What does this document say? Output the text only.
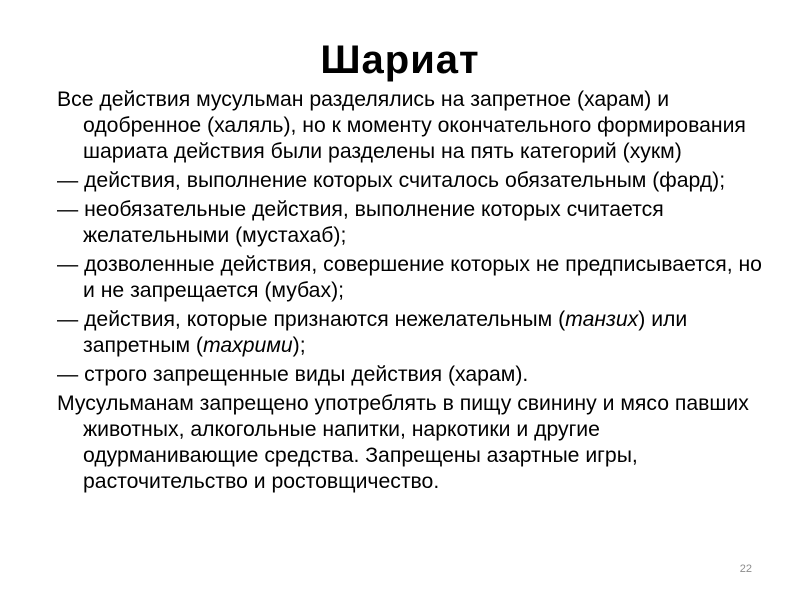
Шариат
Все действия мусульман разделялись на запретное (харам) и одобренное (халяль), но к моменту окончательного формирования шариата действия были разделены на пять категорий (хукм)
— действия, выполнение которых считалось обязательным (фард);
— необязательные действия, выполнение которых считается желательными (мустахаб);
— дозволенные действия, совершение которых не предписывается, но и не запрещается (мубах);
— действия, которые признаются нежелательным (танзих) или запретным (тахрими);
— строго запрещенные виды действия (харам).
Мусульманам запрещено употреблять в пищу свинину и мясо павших животных, алкогольные напитки, наркотики и другие одурманивающие средства. Запрещены азартные игры, расточительство и ростовщичество.
22
